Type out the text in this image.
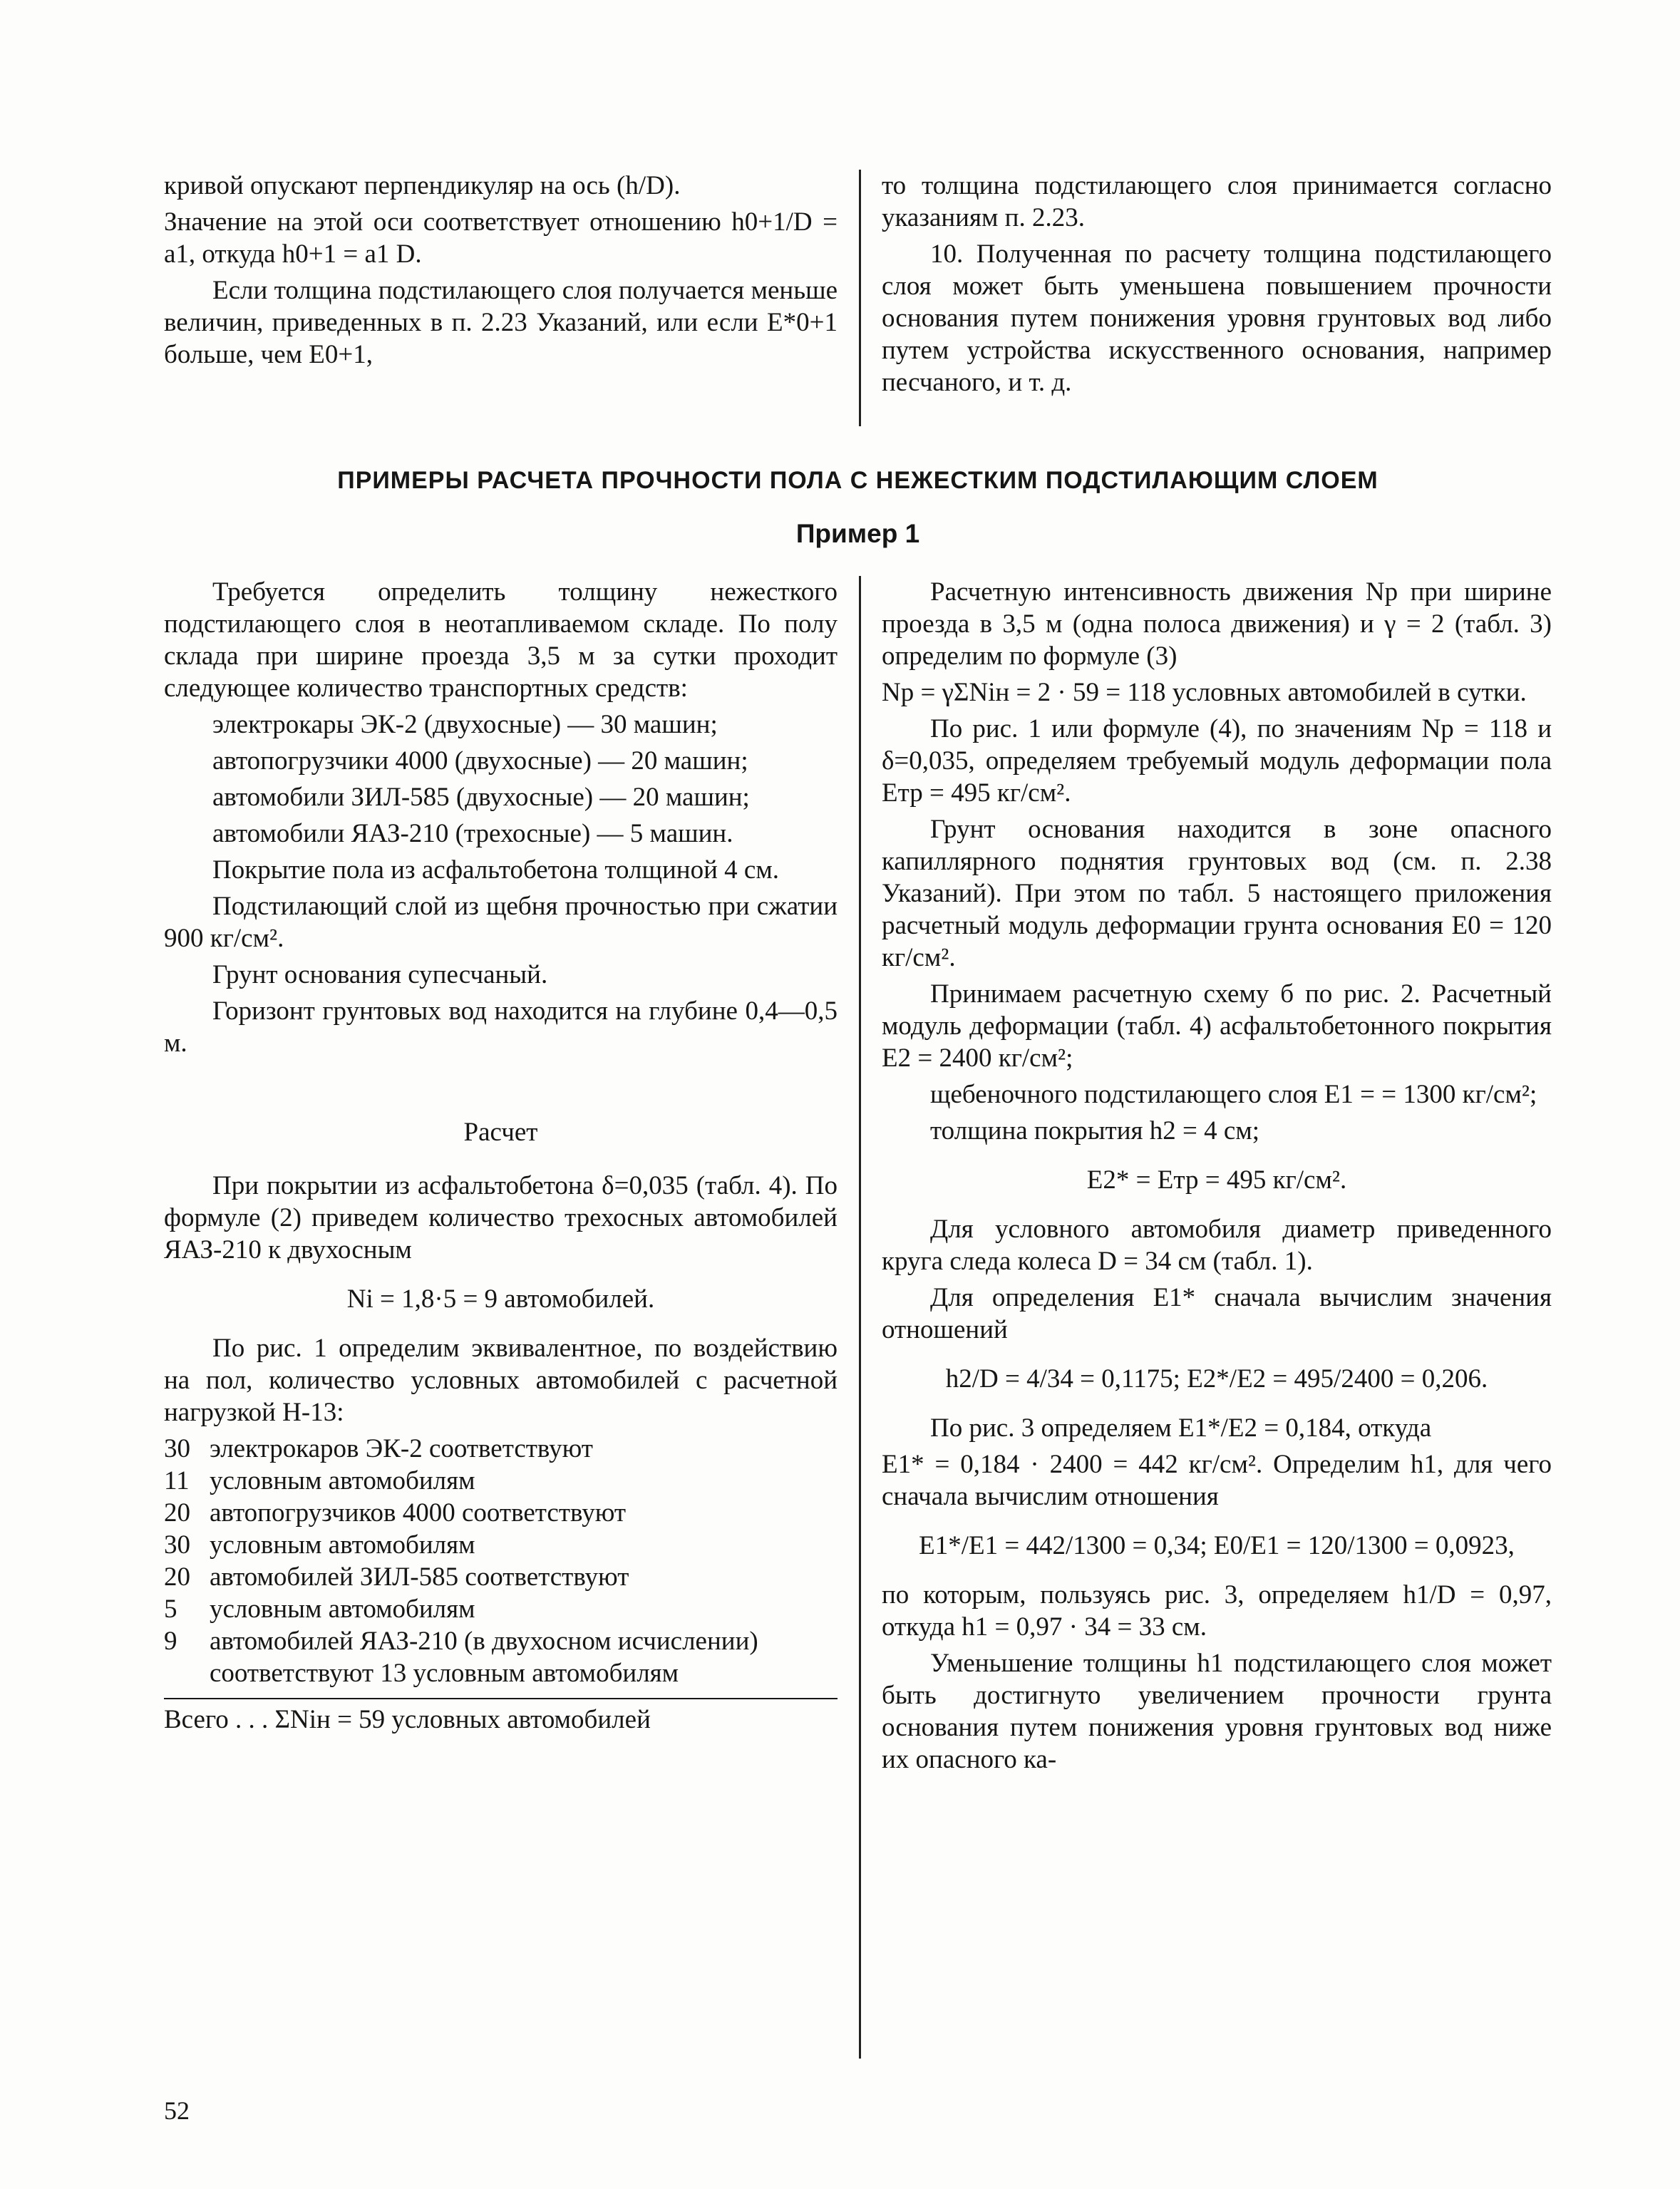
кривой опускают перпендикуляр на ось (h/D).

Значение на этой оси соответствует отношению h0+1/D = a1, откуда h0+1 = a1 D.

Если толщина подстилающего слоя получается меньше величин, приведенных в п. 2.23 Указаний, или если E*0+1 больше, чем E0+1,

то толщина подстилающего слоя принимается согласно указаниям п. 2.23.

10. Полученная по расчету толщина подстилающего слоя может быть уменьшена повышением прочности основания путем понижения уровня грунтовых вод либо путем устройства искусственного основания, например песчаного, и т. д.

ПРИМЕРЫ РАСЧЕТА ПРОЧНОСТИ ПОЛА С НЕЖЕСТКИМ ПОДСТИЛАЮЩИМ СЛОЕМ
Пример 1

Требуется определить толщину нежесткого подстилающего слоя в неотапливаемом складе. По полу склада при ширине проезда 3,5 м за сутки проходит следующее количество транспортных средств:

электрокары ЭК-2 (двухосные) — 30 машин;

автопогрузчики 4000 (двухосные) — 20 машин;

автомобили ЗИЛ-585 (двухосные) — 20 машин;

автомобили ЯАЗ-210 (трехосные) — 5 машин.

Покрытие пола из асфальтобетона толщиной 4 см.

Подстилающий слой из щебня прочностью при сжатии 900 кг/см².

Грунт основания супесчаный.

Горизонт грунтовых вод находится на глубине 0,4—0,5 м.

Расчет

При покрытии из асфальтобетона δ=0,035 (табл. 4). По формуле (2) приведем количество трехосных автомобилей ЯАЗ-210 к двухосным

Ni = 1,8·5 = 9 автомобилей.

По рис. 1 определим эквивалентное, по воздействию на пол, количество условных автомобилей с расчетной нагрузкой Н-13:

30 электрокаров ЭК-2 соответствуют
11 условным автомобилям
20 автопогрузчиков 4000 соответствуют
30 условным автомобилям
20 автомобилей ЗИЛ-585 соответствуют
5	условным автомобилям
9	автомобилей ЯАЗ-210 (в двухосном исчислении) соответствуют 13 условным автомобилям
Всего . . . ΣNiн = 59 условных автомобилей

Расчетную интенсивность движения Nр при ширине проезда в 3,5 м (одна полоса движения) и γ = 2 (табл. 3) определим по формуле (3)

Nр = γΣNiн = 2 · 59 = 118 условных автомобилей в сутки.

По рис. 1 или формуле (4), по значениям Nр = 118 и δ=0,035, определяем требуемый модуль деформации пола Eтр = 495 кг/см².

Грунт основания находится в зоне опасного капиллярного поднятия грунтовых вод (см. п. 2.38 Указаний). При этом по табл. 5 настоящего приложения расчетный модуль деформации грунта основания E0 = 120 кг/см².

Принимаем расчетную схему б по рис. 2. Расчетный модуль деформации (табл. 4) асфальтобетонного покрытия E2 = 2400 кг/см²;

щебеночного подстилающего слоя E1 = = 1300 кг/см²;

толщина покрытия h2 = 4 см;

E2* = Eтр = 495 кг/см².

Для условного автомобиля диаметр приведенного круга следа колеса D = 34 см (табл. 1).

Для определения E1* сначала вычислим значения отношений

h2/D = 4/34 = 0,1175; E2*/E2 = 495/2400 = 0,206.

По рис. 3 определяем E1*/E2 = 0,184, откуда

E1* = 0,184 · 2400 = 442 кг/см². Определим h1, для чего сначала вычислим отношения

E1*/E1 = 442/1300 = 0,34; E0/E1 = 120/1300 = 0,0923,

по которым, пользуясь рис. 3, определяем h1/D = 0,97, откуда h1 = 0,97 · 34 = 33 см.

Уменьшение толщины h1 подстилающего слоя может быть достигнуто увеличением прочности грунта основания путем понижения уровня грунтовых вод ниже их опасного ка-

52
